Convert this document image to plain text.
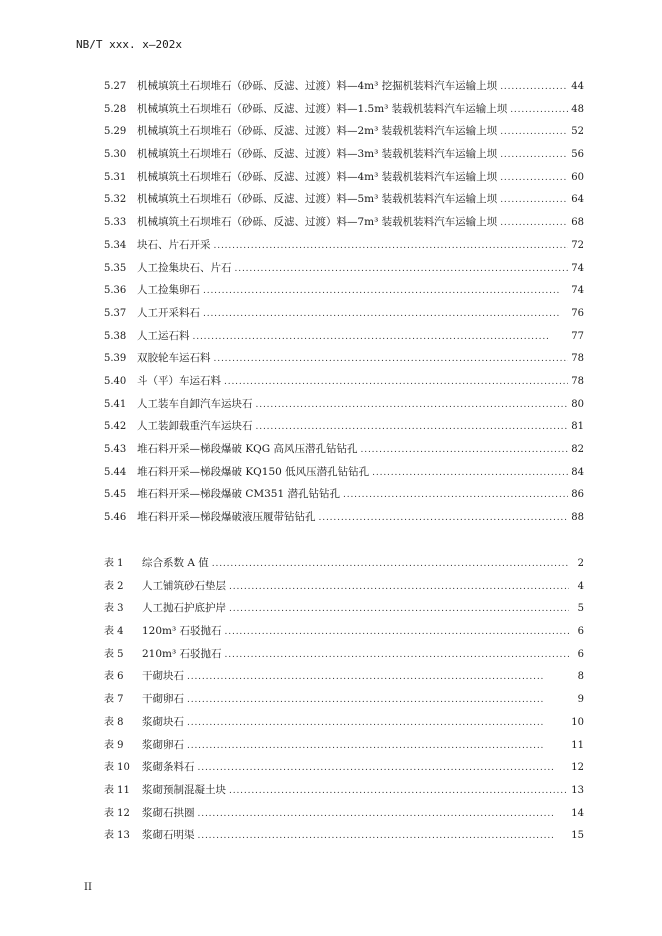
NB/T xxx. x—202x
5.27	机械填筑土石坝堆石（砂砾、反滤、过渡）料—4m³ 挖掘机装料汽车运输上坝 . . .	44
5.28	机械填筑土石坝堆石（砂砾、反滤、过渡）料—1.5m³ 装载机装料汽车运输上坝 . . .	48
5.29	机械填筑土石坝堆石（砂砾、反滤、过渡）料—2m³ 装载机装料汽车运输上坝 . . .	52
5.30	机械填筑土石坝堆石（砂砾、反滤、过渡）料—3m³ 装载机装料汽车运输上坝 . . .	56
5.31	机械填筑土石坝堆石（砂砾、反滤、过渡）料—4m³ 装载机装料汽车运输上坝 . . .	60
5.32	机械填筑土石坝堆石（砂砾、反滤、过渡）料—5m³ 装载机装料汽车运输上坝 . . .	64
5.33	机械填筑土石坝堆石（砂砾、反滤、过渡）料—7m³ 装载机装料汽车运输上坝 . . .	68
5.34	块石、片石开采 . . .	72
5.35	人工捡集块石、片石 . . .	74
5.36	人工捡集卵石 . . .	74
5.37	人工开采料石 . . .	76
5.38	人工运石料 . . .	77
5.39	双胶轮车运石料 . . .	78
5.40	斗（平）车运石料 . . .	78
5.41	人工装车自卸汽车运块石 . . .	80
5.42	人工装卸载重汽车运块石 . . .	81
5.43	堆石料开采—梯段爆破 KQG 高风压潜孔钻钻孔 . . .	82
5.44	堆石料开采—梯段爆破 KQ150 低风压潜孔钻钻孔 . . .	84
5.45	堆石料开采—梯段爆破 CM351 潜孔钻钻孔 . . .	86
5.46	堆石料开采—梯段爆破液压履带钻钻孔 . . .	88
表 1	综合系数 A 值 . . .	2
表 2	人工铺筑砂石垫层 . . .	4
表 3	人工抛石护底护岸 . . .	5
表 4	120m³ 石驳抛石 . . .	6
表 5	210m³ 石驳抛石 . . .	6
表 6	干砌块石 . . .	8
表 7	干砌卵石 . . .	9
表 8	浆砌块石 . . .	10
表 9	浆砌卵石 . . .	11
表 10	浆砌条料石 . . .	12
表 11	浆砌预制混凝土块 . . .	13
表 12	浆砌石拱圈 . . .	14
表 13	浆砌石明渠 . . .	15
II
